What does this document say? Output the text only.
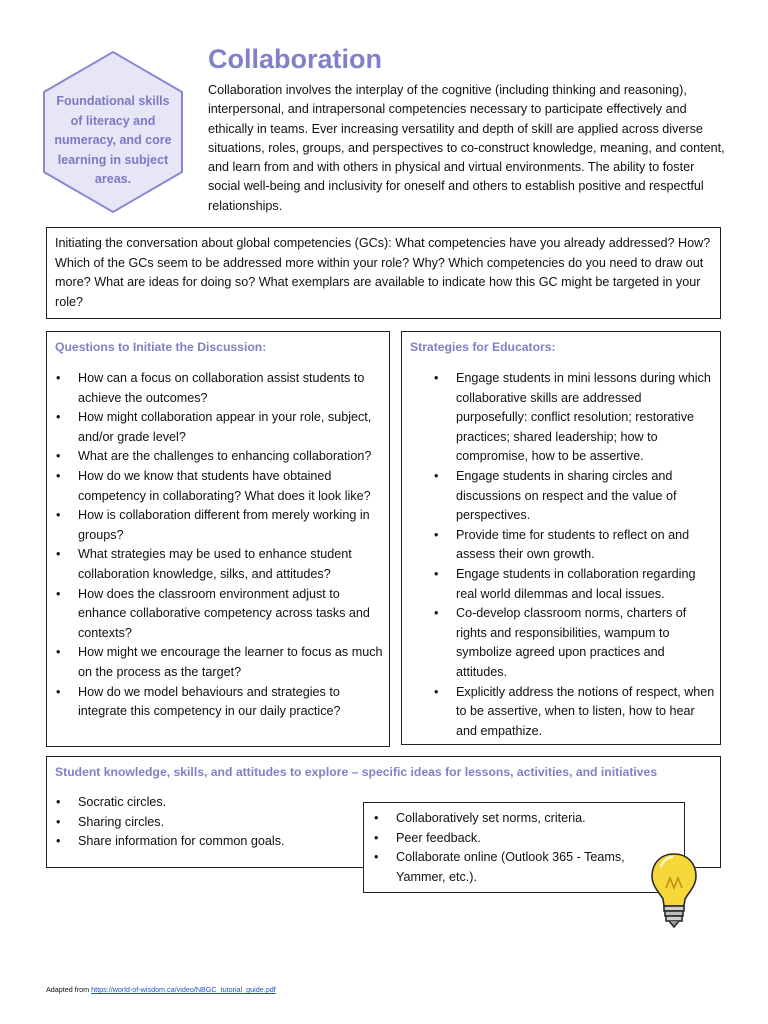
Foundational skills of literacy and numeracy, and core learning in subject areas.
Collaboration

Collaboration involves the interplay of the cognitive (including thinking and reasoning), interpersonal, and intrapersonal competencies necessary to participate effectively and ethically in teams. Ever increasing versatility and depth of skill are applied across diverse situations, roles, groups, and perspectives to co-construct knowledge, meaning, and content, and learn from and with others in physical and virtual environments. The ability to foster social well-being and inclusivity for oneself and others to establish positive and respectful relationships.

Initiating the conversation about global competencies (GCs): What competencies have you already addressed? How? Which of the GCs seem to be addressed more within your role? Why? Which competencies do you need to draw out more? What are ideas for doing so? What exemplars are available to indicate how this GC might be targeted in your role?

Questions to Initiate the Discussion:
• How can a focus on collaboration assist students to achieve the outcomes?
• How might collaboration appear in your role, subject, and/or grade level?
• What are the challenges to enhancing collaboration?
• How do we know that students have obtained competency in collaborating? What does it look like?
• How is collaboration different from merely working in groups?
• What strategies may be used to enhance student collaboration knowledge, silks, and attitudes?
• How does the classroom environment adjust to enhance collaborative competency across tasks and contexts?
• How might we encourage the learner to focus as much on the process as the target?
• How do we model behaviours and strategies to integrate this competency in our daily practice?
Strategies for Educators:
• Engage students in mini lessons during which collaborative skills are addressed purposefully: conflict resolution; restorative practices; shared leadership; how to compromise, how to be assertive.
• Engage students in sharing circles and discussions on respect and the value of perspectives.
• Provide time for students to reflect on and assess their own growth.
• Engage students in collaboration regarding real world dilemmas and local issues.
• Co-develop classroom norms, charters of rights and responsibilities, wampum to symbolize agreed upon practices and attitudes.
• Explicitly address the notions of respect, when to be assertive, when to listen, how to hear and empathize.
Student knowledge, skills, and attitudes to explore – specific ideas for lessons, activities, and initiatives
• Socratic circles.
• Sharing circles.
• Share information for common goals.
• Collaboratively set norms, criteria.
• Peer feedback.
• Collaborate online (Outlook 365 - Teams, Yammer, etc.).
Adapted from https://world-of-wisdom.ca/video/NBGC_tutorial_guide.pdf
